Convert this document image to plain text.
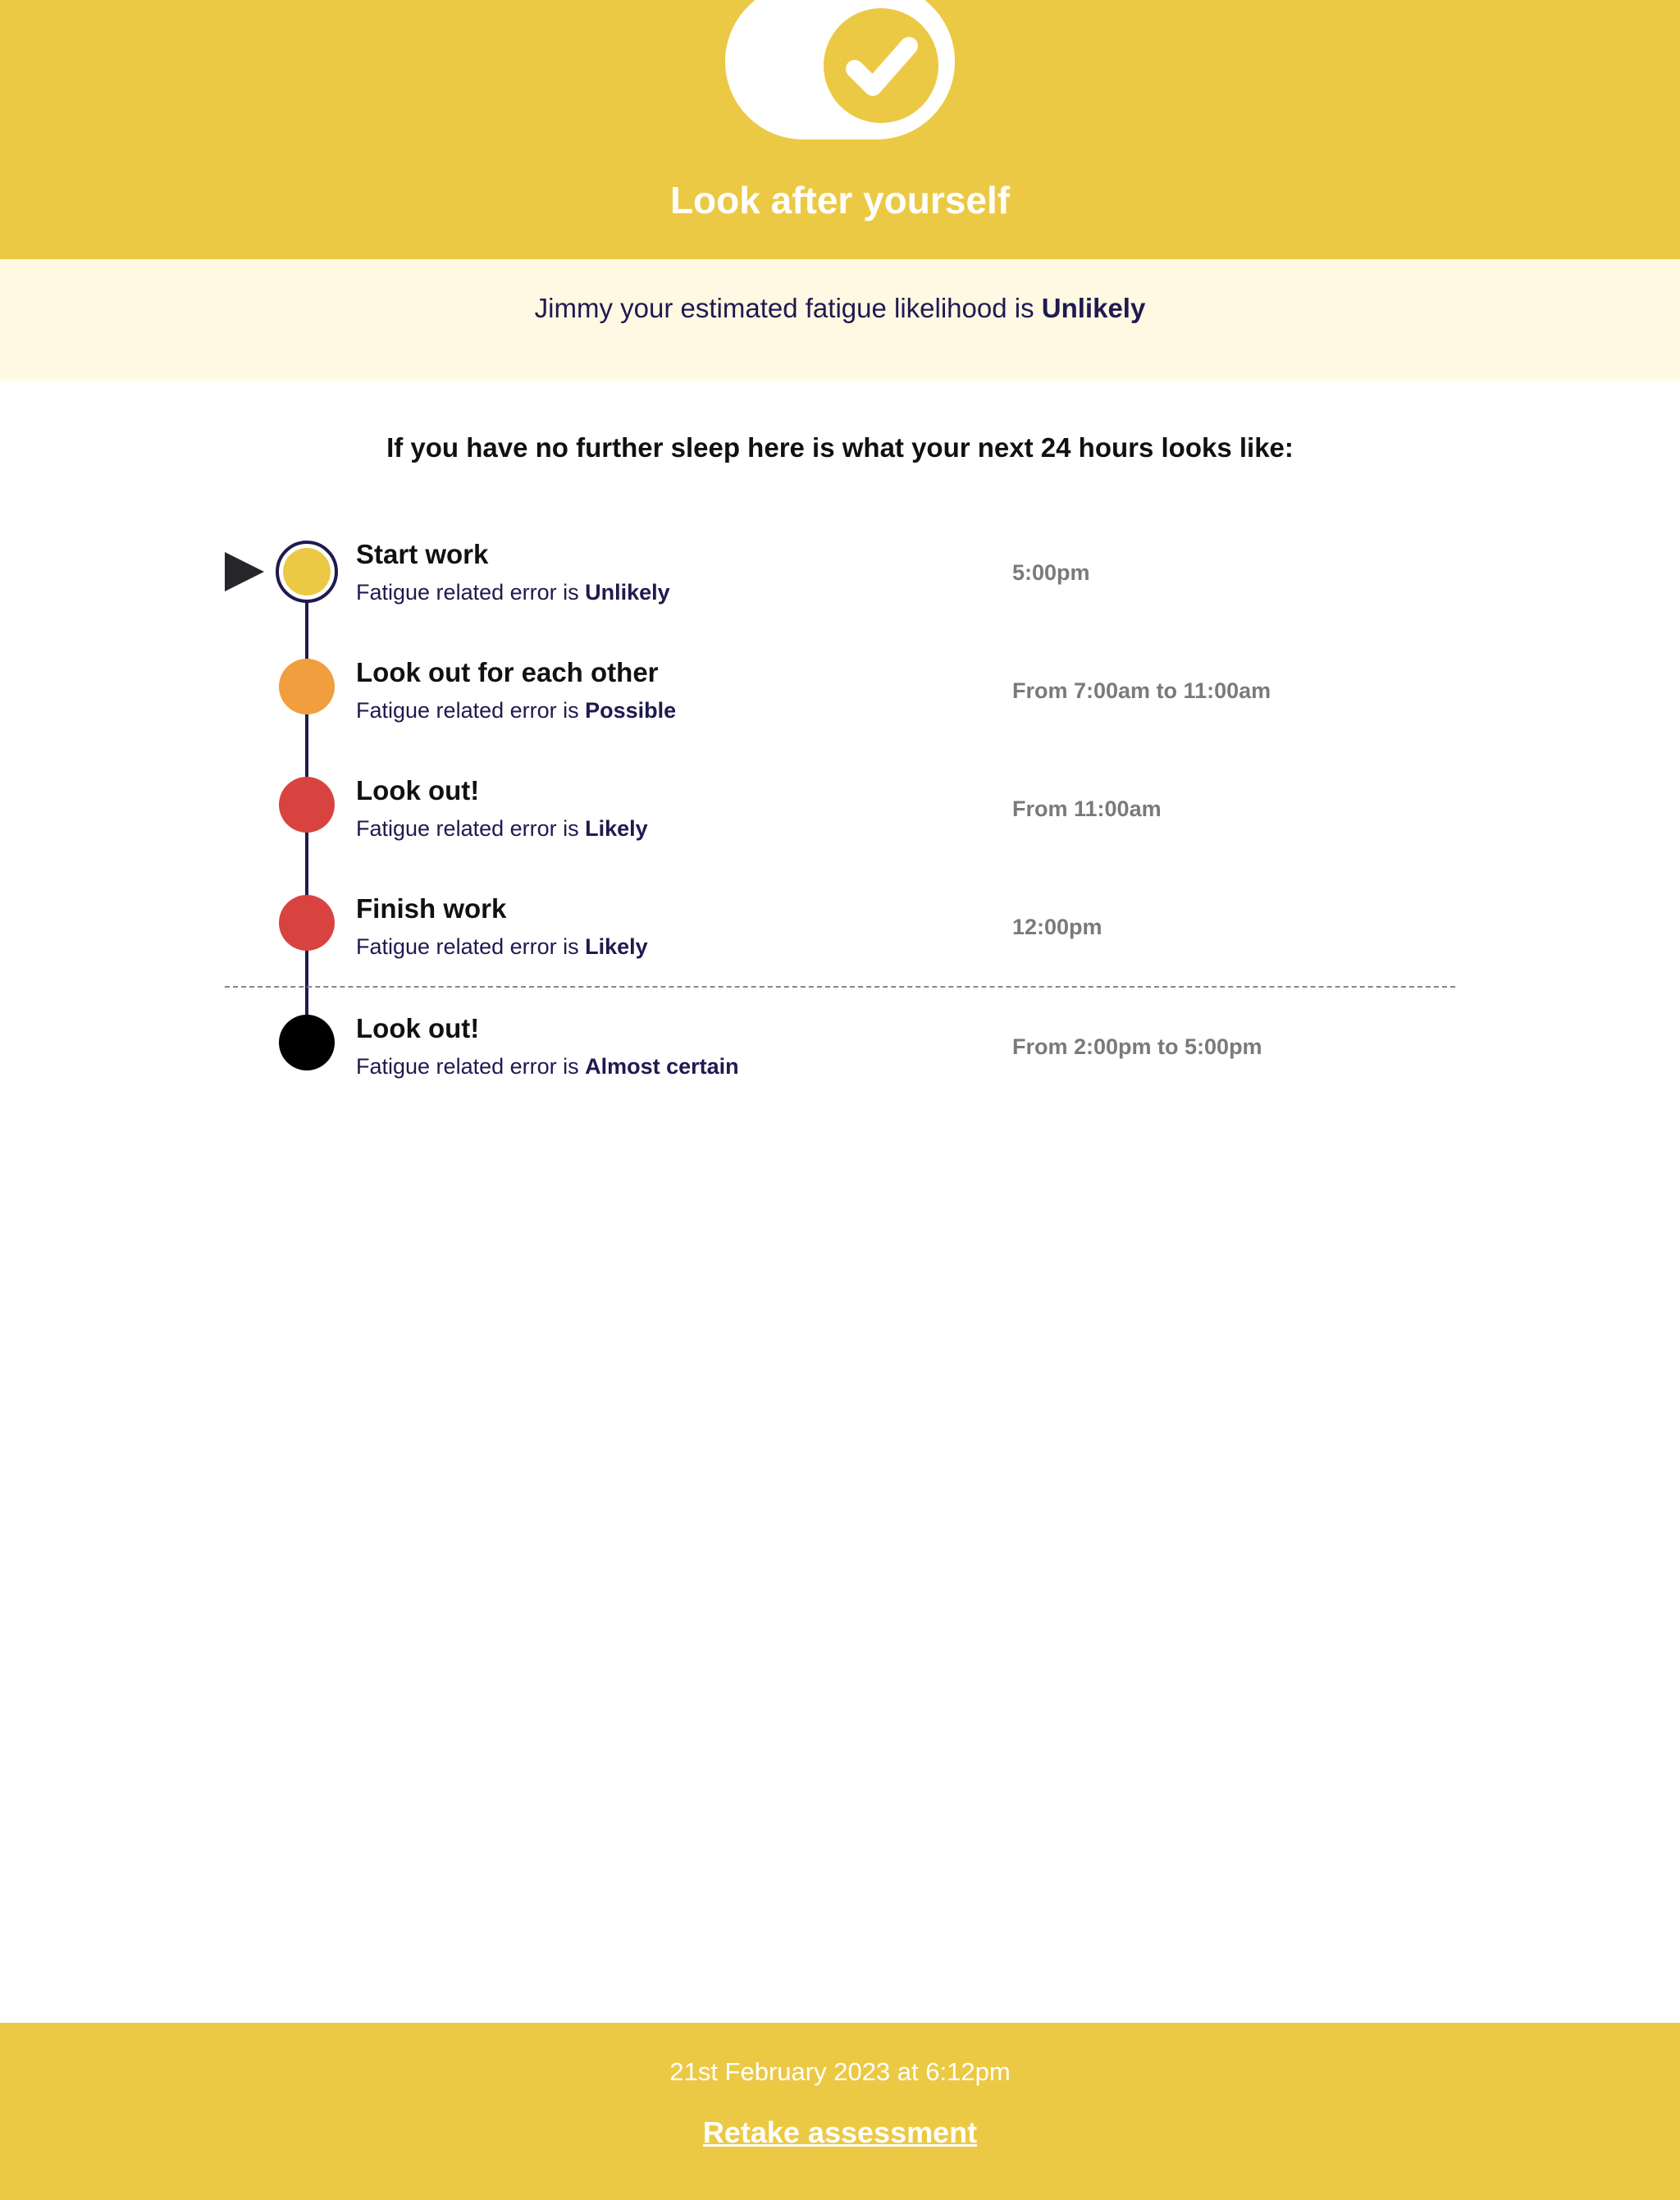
Look after yourself
Jimmy your estimated fatigue likelihood is Unlikely
If you have no further sleep here is what your next 24 hours looks like:
Start work
Fatigue related error is Unlikely
5:00pm
Look out for each other
Fatigue related error is Possible
From 7:00am to 11:00am
Look out!
Fatigue related error is Likely
From 11:00am
Finish work
Fatigue related error is Likely
12:00pm
Look out!
Fatigue related error is Almost certain
From 2:00pm to 5:00pm
21st February 2023 at 6:12pm
Retake assessment
